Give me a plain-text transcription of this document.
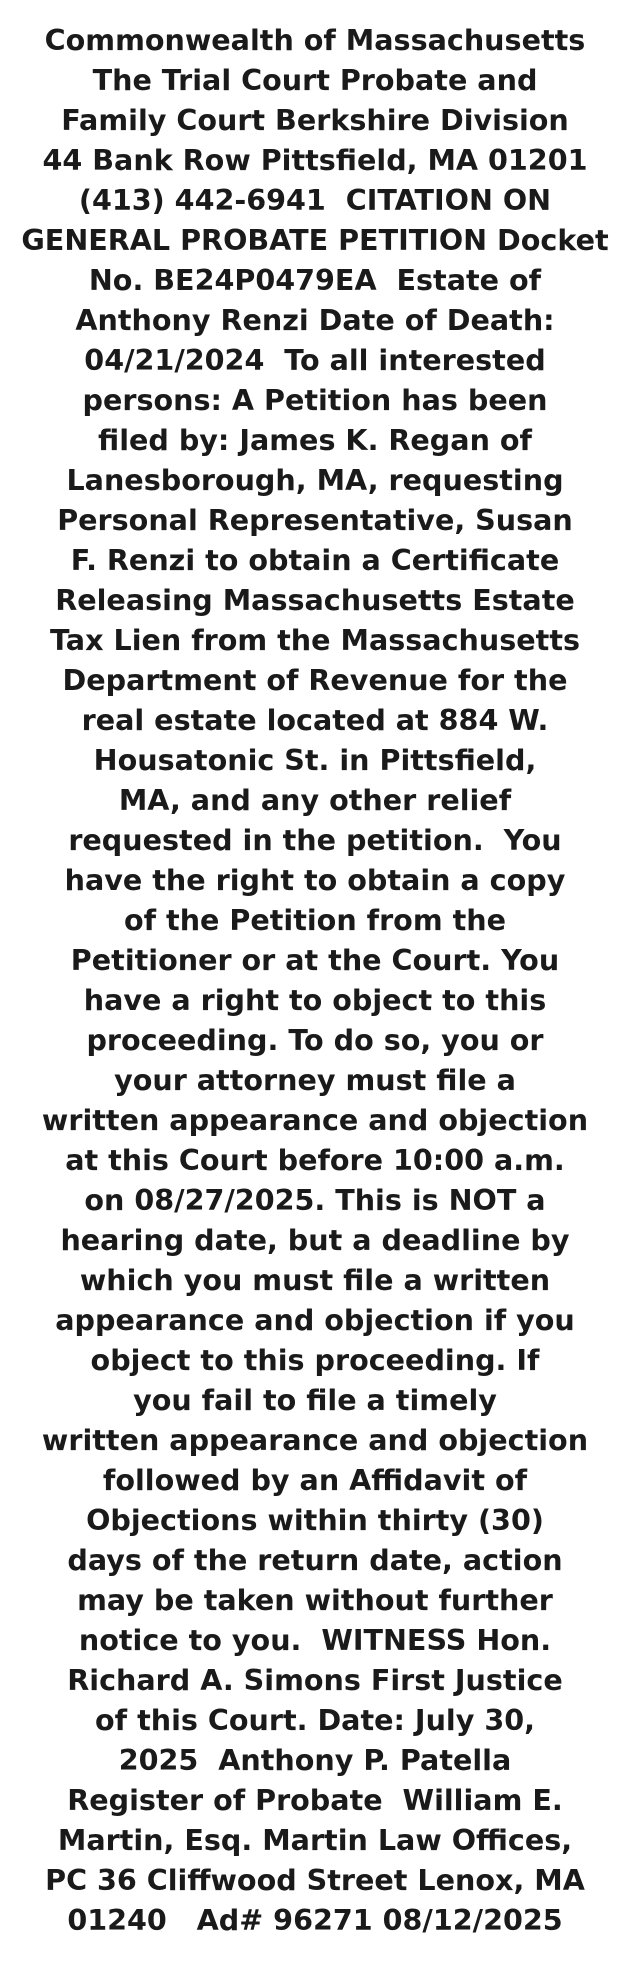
Commonwealth of Massachusetts
The Trial Court Probate and
Family Court Berkshire Division
44 Bank Row Pittsfield, MA 01201
(413) 442-6941  CITATION ON
GENERAL PROBATE PETITION Docket
No. BE24P0479EA  Estate of
Anthony Renzi Date of Death:
04/21/2024  To all interested
persons: A Petition has been
filed by: James K. Regan of
Lanesborough, MA, requesting
Personal Representative, Susan
F. Renzi to obtain a Certificate
Releasing Massachusetts Estate
Tax Lien from the Massachusetts
Department of Revenue for the
real estate located at 884 W.
Housatonic St. in Pittsfield,
MA, and any other relief
requested in the petition.  You
have the right to obtain a copy
of the Petition from the
Petitioner or at the Court. You
have a right to object to this
proceeding. To do so, you or
your attorney must file a
written appearance and objection
at this Court before 10:00 a.m.
on 08/27/2025. This is NOT a
hearing date, but a deadline by
which you must file a written
appearance and objection if you
object to this proceeding. If
you fail to file a timely
written appearance and objection
followed by an Affidavit of
Objections within thirty (30)
days of the return date, action
may be taken without further
notice to you.  WITNESS Hon.
Richard A. Simons First Justice
of this Court. Date: July 30,
2025  Anthony P. Patella
Register of Probate  William E.
Martin, Esq. Martin Law Offices,
PC 36 Cliffwood Street Lenox, MA
01240   Ad# 96271 08/12/2025
